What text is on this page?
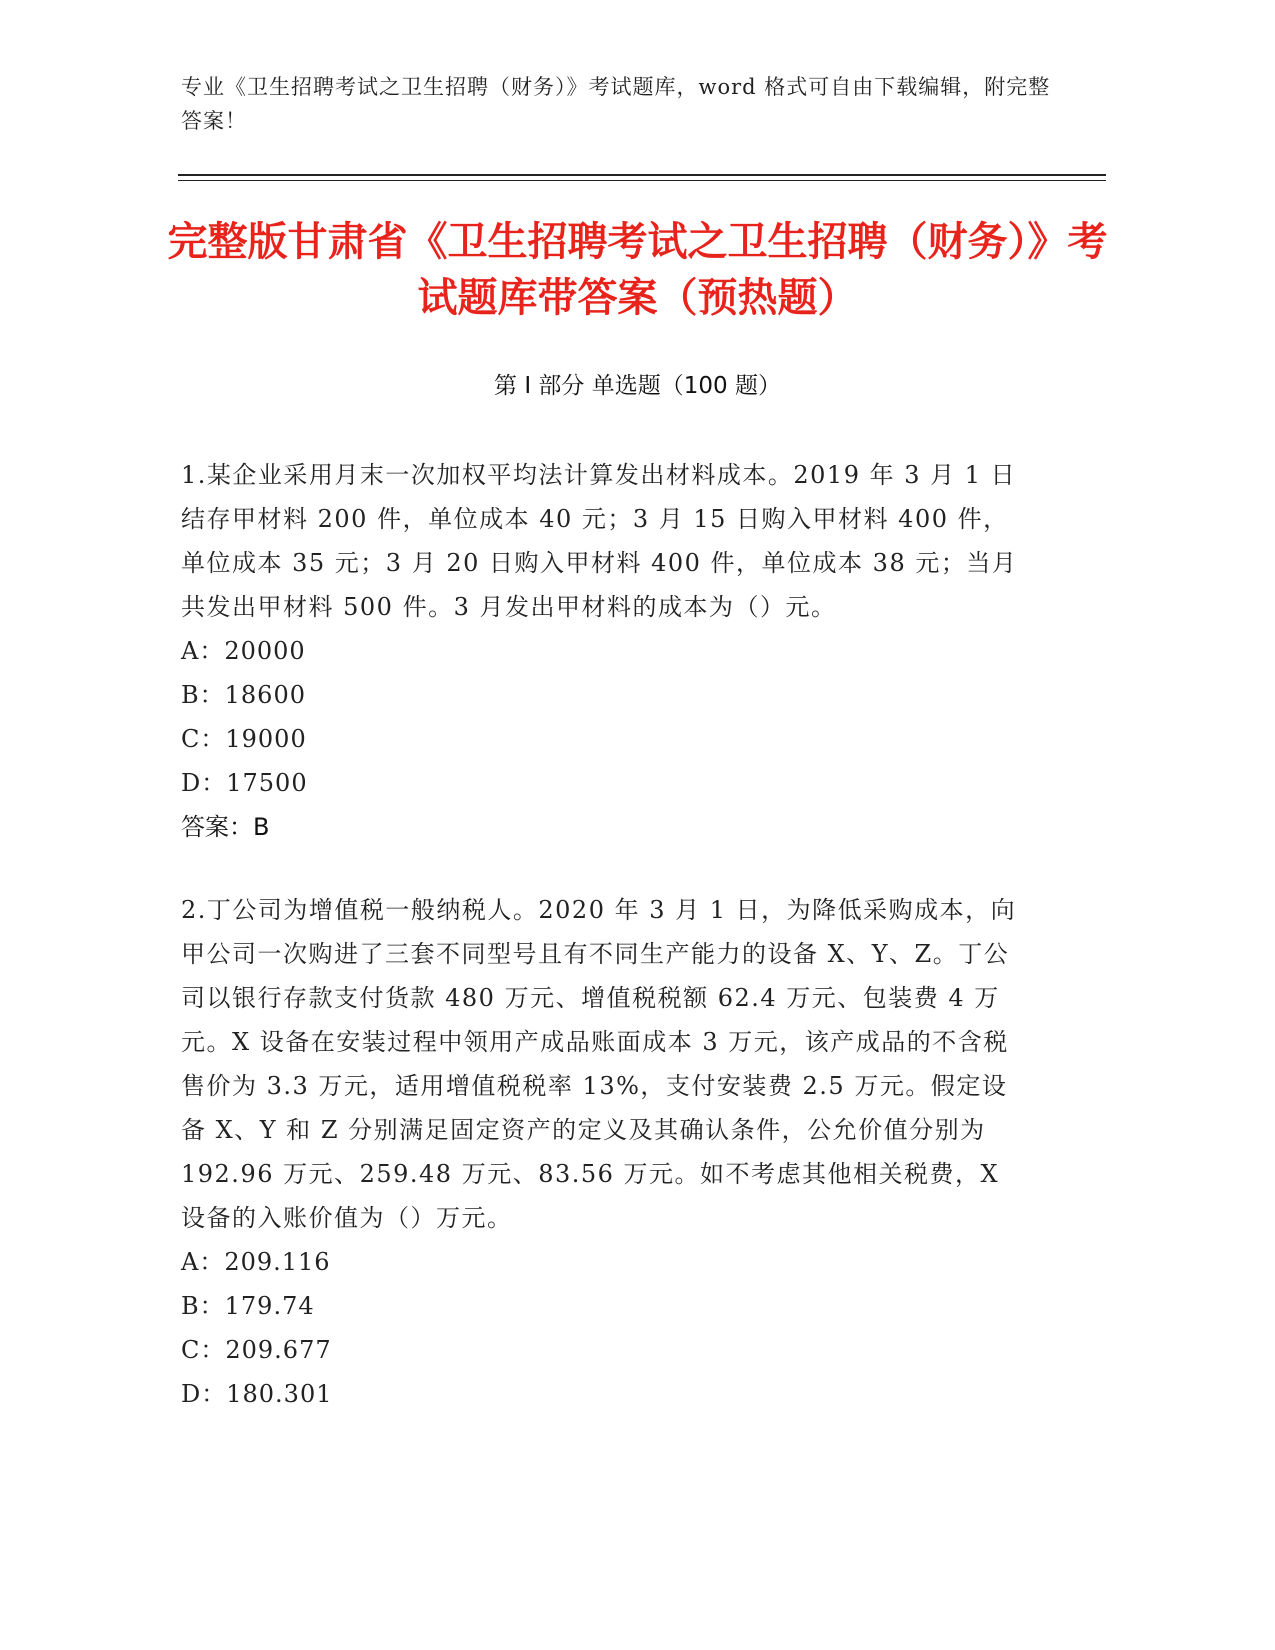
专业《卫生招聘考试之卫生招聘（财务）》考试题库，word 格式可自由下载编辑，附完整答案！
完整版甘肃省《卫生招聘考试之卫生招聘（财务）》考试题库带答案（预热题）
第 I 部分 单选题（100 题）
1.某企业采用月末一次加权平均法计算发出材料成本。2019 年 3 月 1 日结存甲材料 200 件，单位成本 40 元；3 月 15 日购入甲材料 400 件，单位成本 35 元；3 月 20 日购入甲材料 400 件，单位成本 38 元；当月共发出甲材料 500 件。3 月发出甲材料的成本为（）元。
A：20000
B：18600
C：19000
D：17500
答案：B
2.丁公司为增值税一般纳税人。2020 年 3 月 1 日，为降低采购成本，向甲公司一次购进了三套不同型号且有不同生产能力的设备 X、Y、Z。丁公司以银行存款支付货款 480 万元、增值税税额 62.4 万元、包装费 4 万元。X 设备在安装过程中领用产成品账面成本 3 万元，该产成品的不含税售价为 3.3 万元，适用增值税税率 13%，支付安装费 2.5 万元。假定设备 X、Y 和 Z 分别满足固定资产的定义及其确认条件，公允价值分别为 192.96 万元、259.48 万元、83.56 万元。如不考虑其他相关税费，X 设备的入账价值为（）万元。
A：209.116
B：179.74
C：209.677
D：180.301
